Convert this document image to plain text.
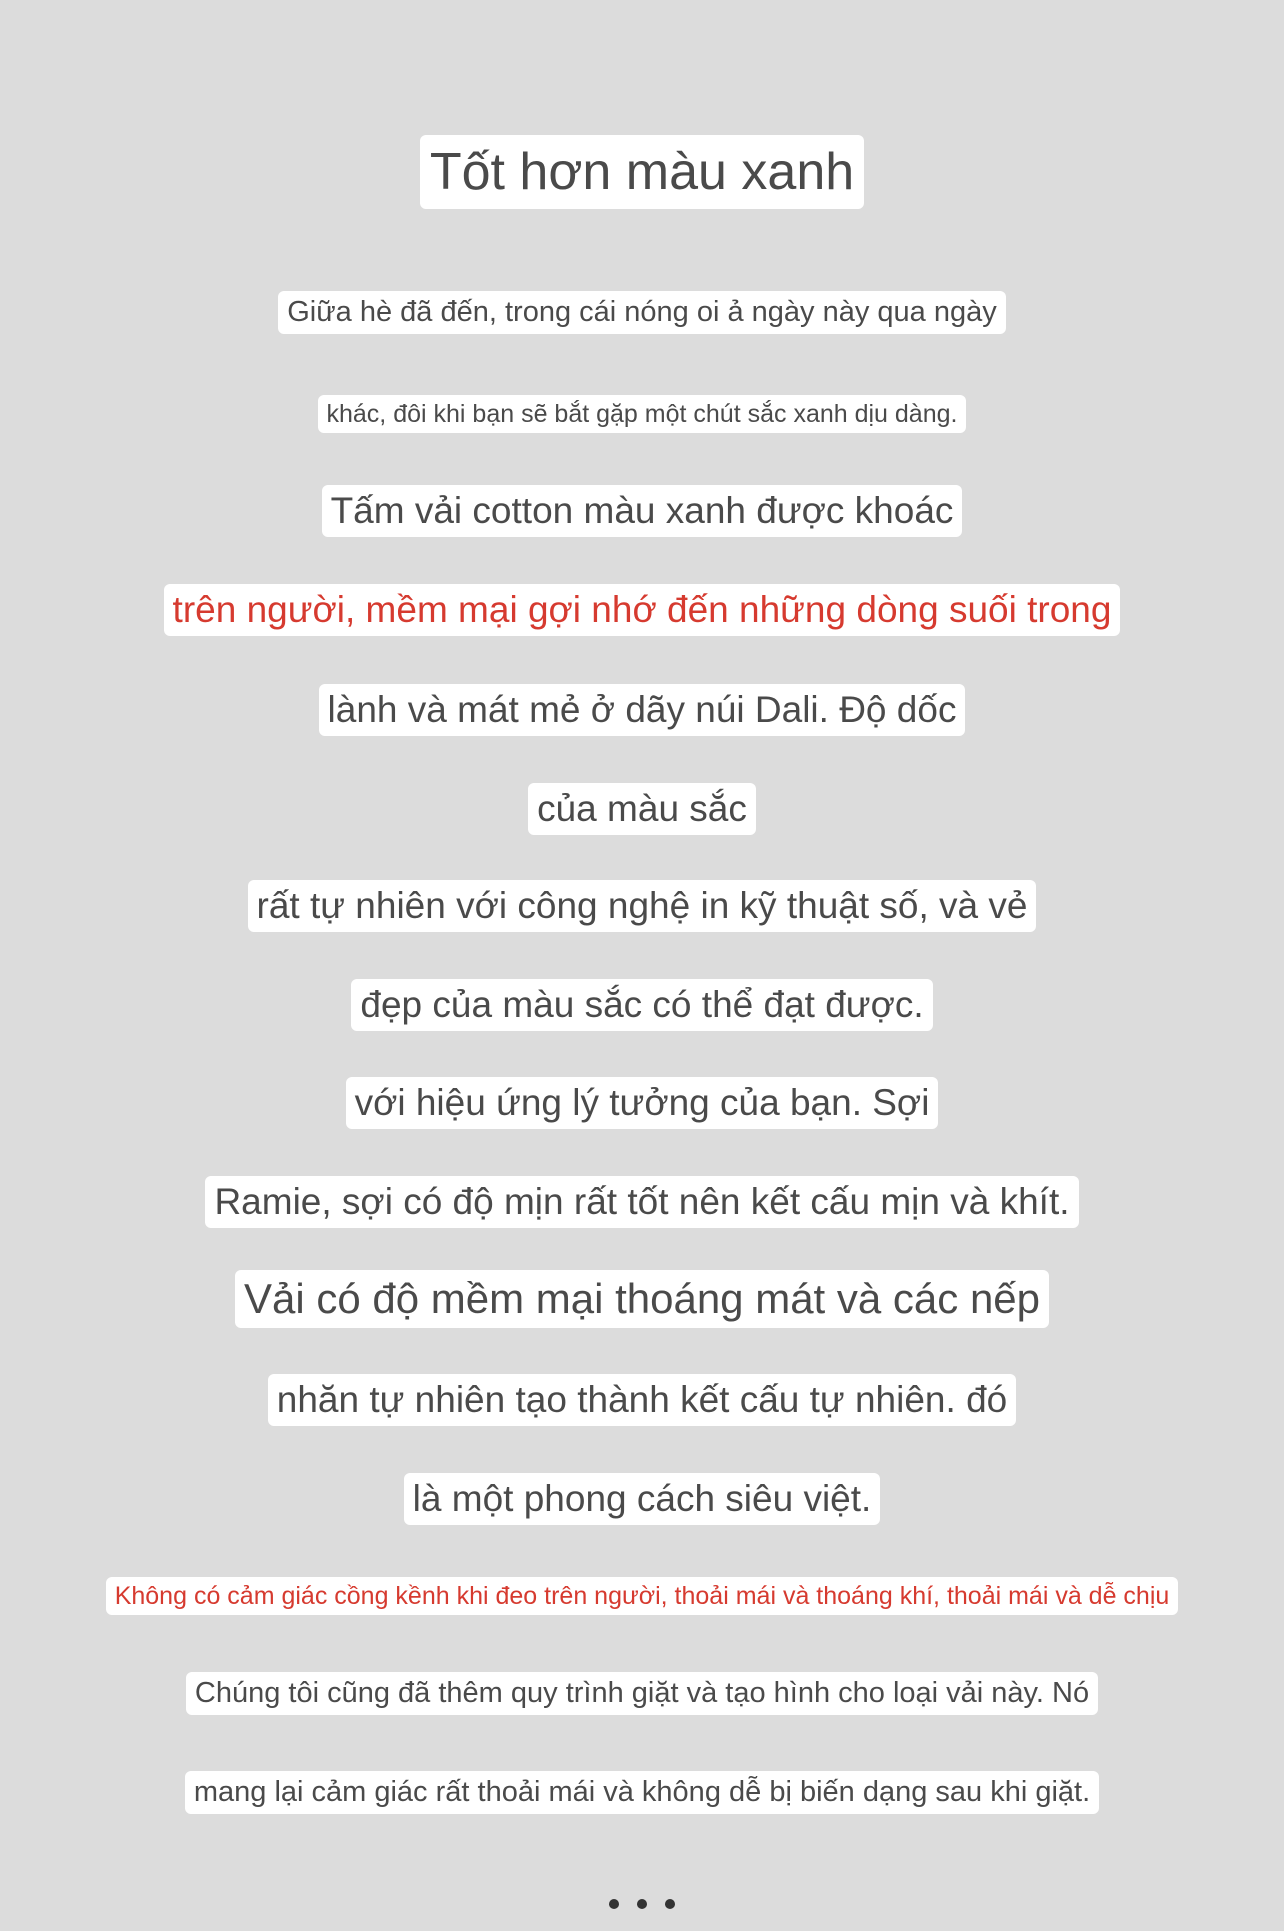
Tốt hơn màu xanh
Giữa hè đã đến, trong cái nóng oi ả ngày này qua ngày
khác, đôi khi bạn sẽ bắt gặp một chút sắc xanh dịu dàng.
Tấm vải cotton màu xanh được khoác
trên người, mềm mại gợi nhớ đến những dòng suối trong
lành và mát mẻ ở dãy núi Dali. Độ dốc
của màu sắc
rất tự nhiên với công nghệ in kỹ thuật số, và vẻ
đẹp của màu sắc có thể đạt được.
với hiệu ứng lý tưởng của bạn. Sợi
Ramie, sợi có độ mịn rất tốt nên kết cấu mịn và khít.
Vải có độ mềm mại thoáng mát và các nếp
nhăn tự nhiên tạo thành kết cấu tự nhiên. đó
là một phong cách siêu việt.
Không có cảm giác cồng kềnh khi đeo trên người, thoải mái và thoáng khí, thoải mái và dễ chịu
Chúng tôi cũng đã thêm quy trình giặt và tạo hình cho loại vải này. Nó
mang lại cảm giác rất thoải mái và không dễ bị biến dạng sau khi giặt.
